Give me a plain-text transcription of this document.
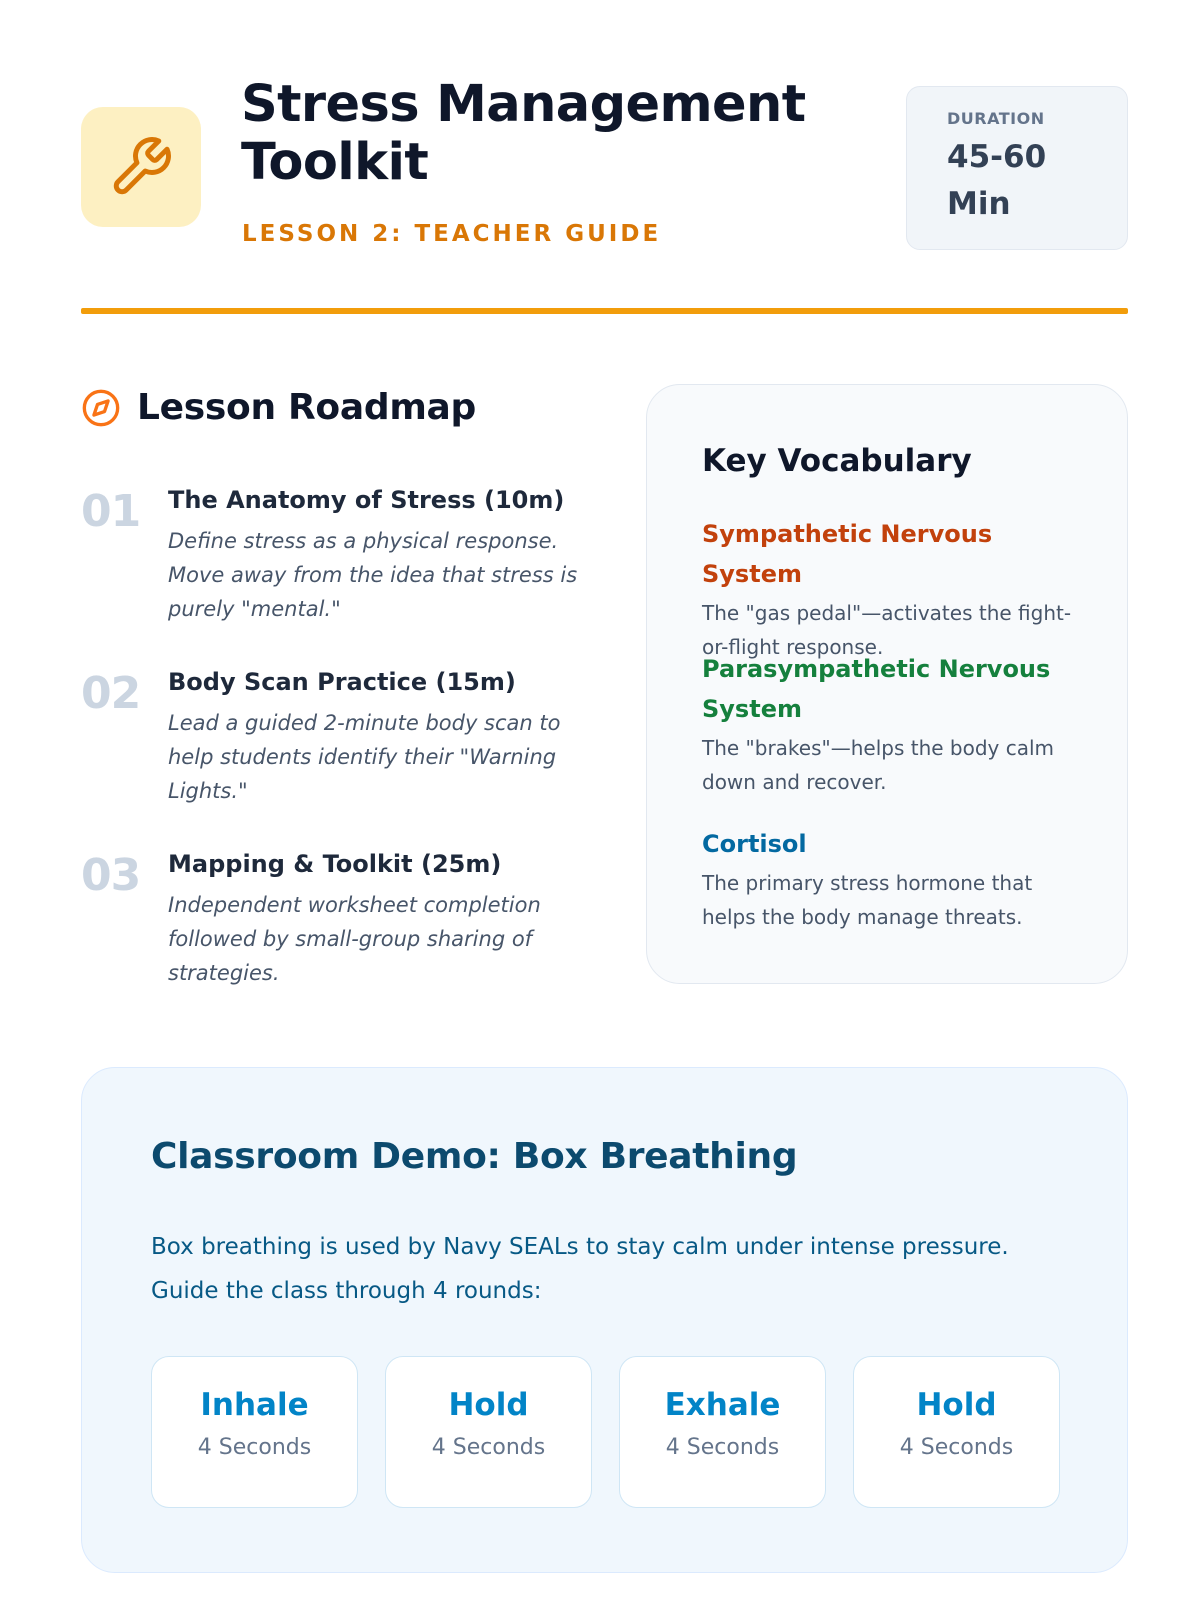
Stress Management Toolkit
LESSON 2: TEACHER GUIDE
DURATION
45-60 Min
Lesson Roadmap
01 The Anatomy of Stress (10m)
Define stress as a physical response. Move away from the idea that stress is purely "mental."
02 Body Scan Practice (15m)
Lead a guided 2-minute body scan to help students identify their "Warning Lights."
03 Mapping & Toolkit (25m)
Independent worksheet completion followed by small-group sharing of strategies.
Key Vocabulary
Sympathetic Nervous System
The "gas pedal"—activates the fight-or-flight response.
Parasympathetic Nervous System
The "brakes"—helps the body calm down and recover.
Cortisol
The primary stress hormone that helps the body manage threats.
Classroom Demo: Box Breathing

Box breathing is used by Navy SEALs to stay calm under intense pressure. Guide the class through 4 rounds:

Inhale
4 Seconds
Hold
4 Seconds
Exhale
4 Seconds
Hold
4 Seconds
